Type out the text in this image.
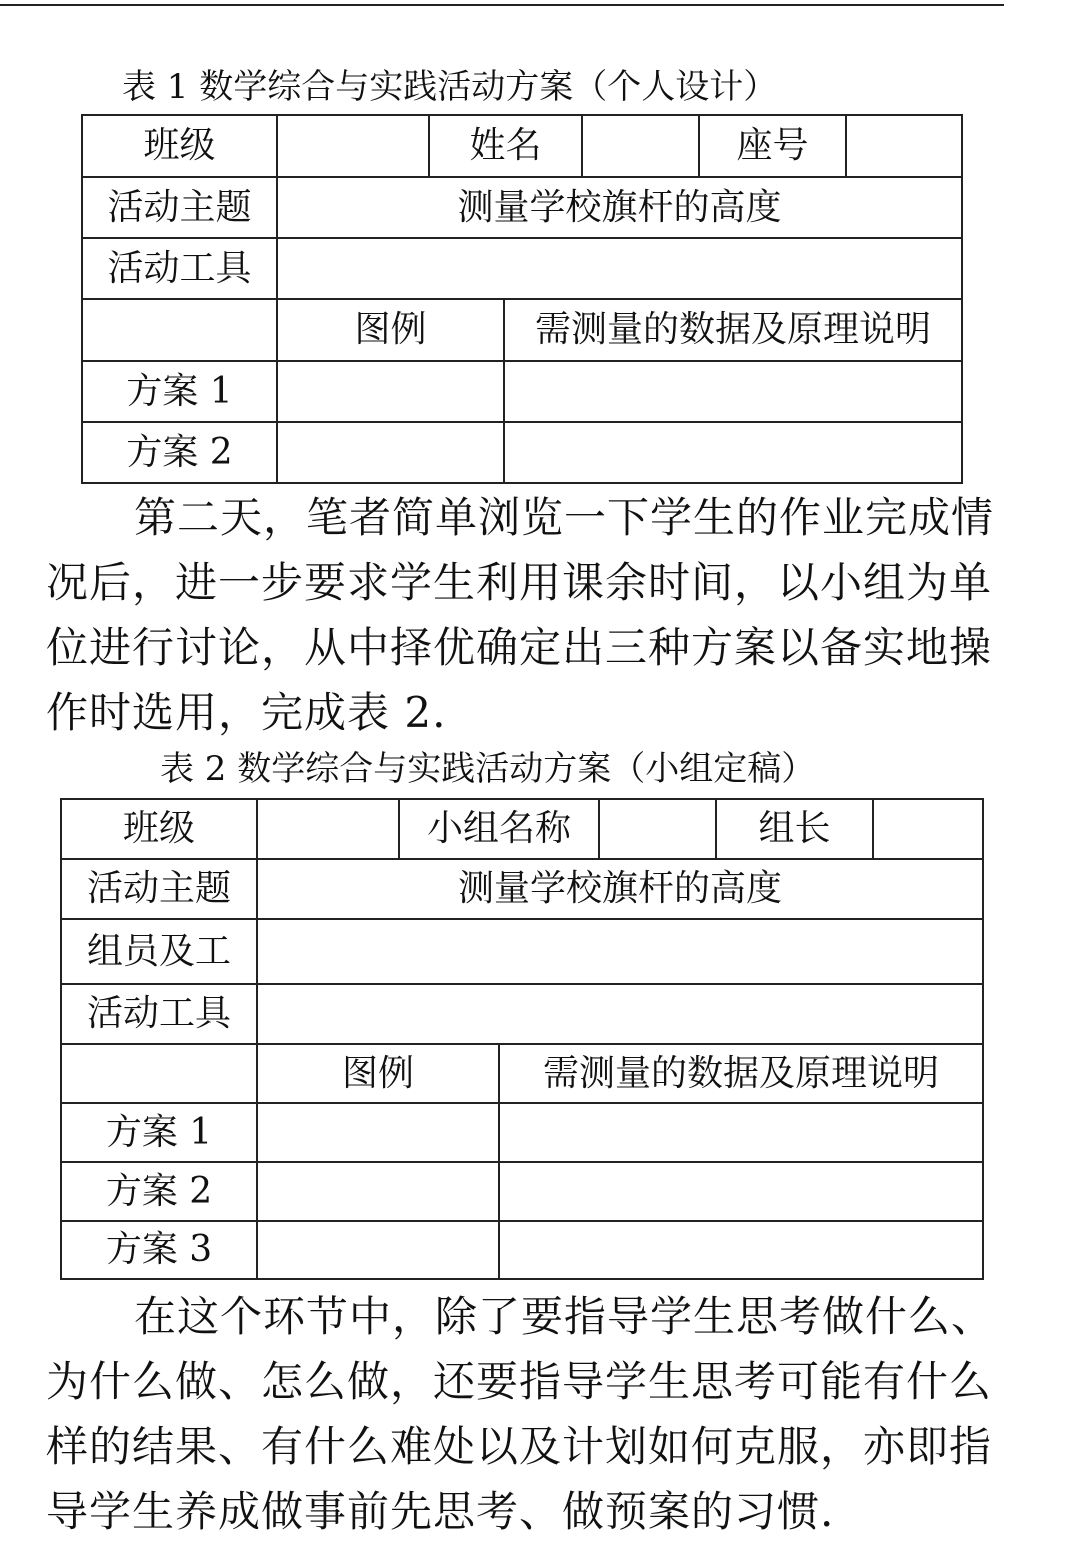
表 1 数学综合与实践活动方案（个人设计）
班级		姓名			座号	
活动主题	测量学校旗杆的高度					
活动工具						
	图例		需测量的数据及原理说明			
方案 1						
方案 2						
第二天，笔者简单浏览一下学生的作业完成情
况后，进一步要求学生利用课余时间，以小组为单
位进行讨论，从中择优确定出三种方案以备实地操
作时选用，完成表 2.
表 2 数学综合与实践活动方案（小组定稿）
班级		小组名称			组长	
活动主题	测量学校旗杆的高度					
组员及工						
活动工具						
	图例		需测量的数据及原理说明			
方案 1						
方案 2						
方案 3						
在这个环节中，除了要指导学生思考做什么、
为什么做、怎么做，还要指导学生思考可能有什么
样的结果、有什么难处以及计划如何克服，亦即指
导学生养成做事前先思考、做预案的习惯.
